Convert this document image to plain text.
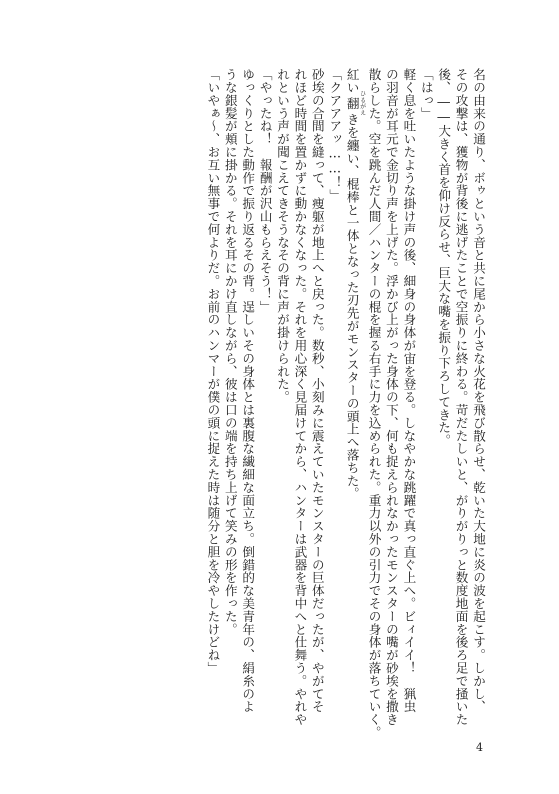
名の由来の通り、ボゥという音と共に尾から小さな火花を飛び散らせ、乾いた大地に炎の波を起こす。しかし、
その攻撃は、獲物が背後に逃げたことで空振りに終わる。苛だたしいと、がりがりっと数度地面を後ろ足で掻いた
後、――大きく首を仰け反らせ、巨大な嘴を振り下ろしてきた。
「はっ」
軽く息を吐いたような掛け声の後、細身の身体が宙を登る。しなやかな跳躍で真っ直ぐ上へ。ビィイイ！　猟虫
の羽音が耳元で金切り声を上げた。浮かび上がった身体の下、何も捉えられなかったモンスターの嘴が砂埃を撒き
散らした。空を跳んだ人間／ハンターの棍を握る右手に力を込められた。重力以外の引力でその身体が落ちていく。
紅い翻 ひるがえきを纏い、棍棒と一体となった刃先がモンスターの頭上へ落ちた。
「クアアアッ……！」
砂埃の合間を縫って、痩躯が地上へと戻った。数秒、小刻みに震えていたモンスターの巨体だったが、やがてそ
れほど時間を置かずに動かなくなった。それを用心深く見届けてから、ハンターは武器を背中へと仕舞う。やれや
れという声が聞こえてきそうなその背に声が掛けられた。
「やったね！　報酬が沢山もらえそう！」
ゆっくりとした動作で振り返るその背。逞しいその身体とは裏腹な繊細な面立ち。倒錯的な美青年の、絹糸のよ
うな銀髪が頬に掛かる。それを耳にかけ直しながら、彼は口の端を持ち上げて笑みの形を作った。
「いやぁ〜、お互い無事で何よりだ。お前のハンマーが僕の頭に捉えた時は随分と胆を冷やしたけどね」
4
